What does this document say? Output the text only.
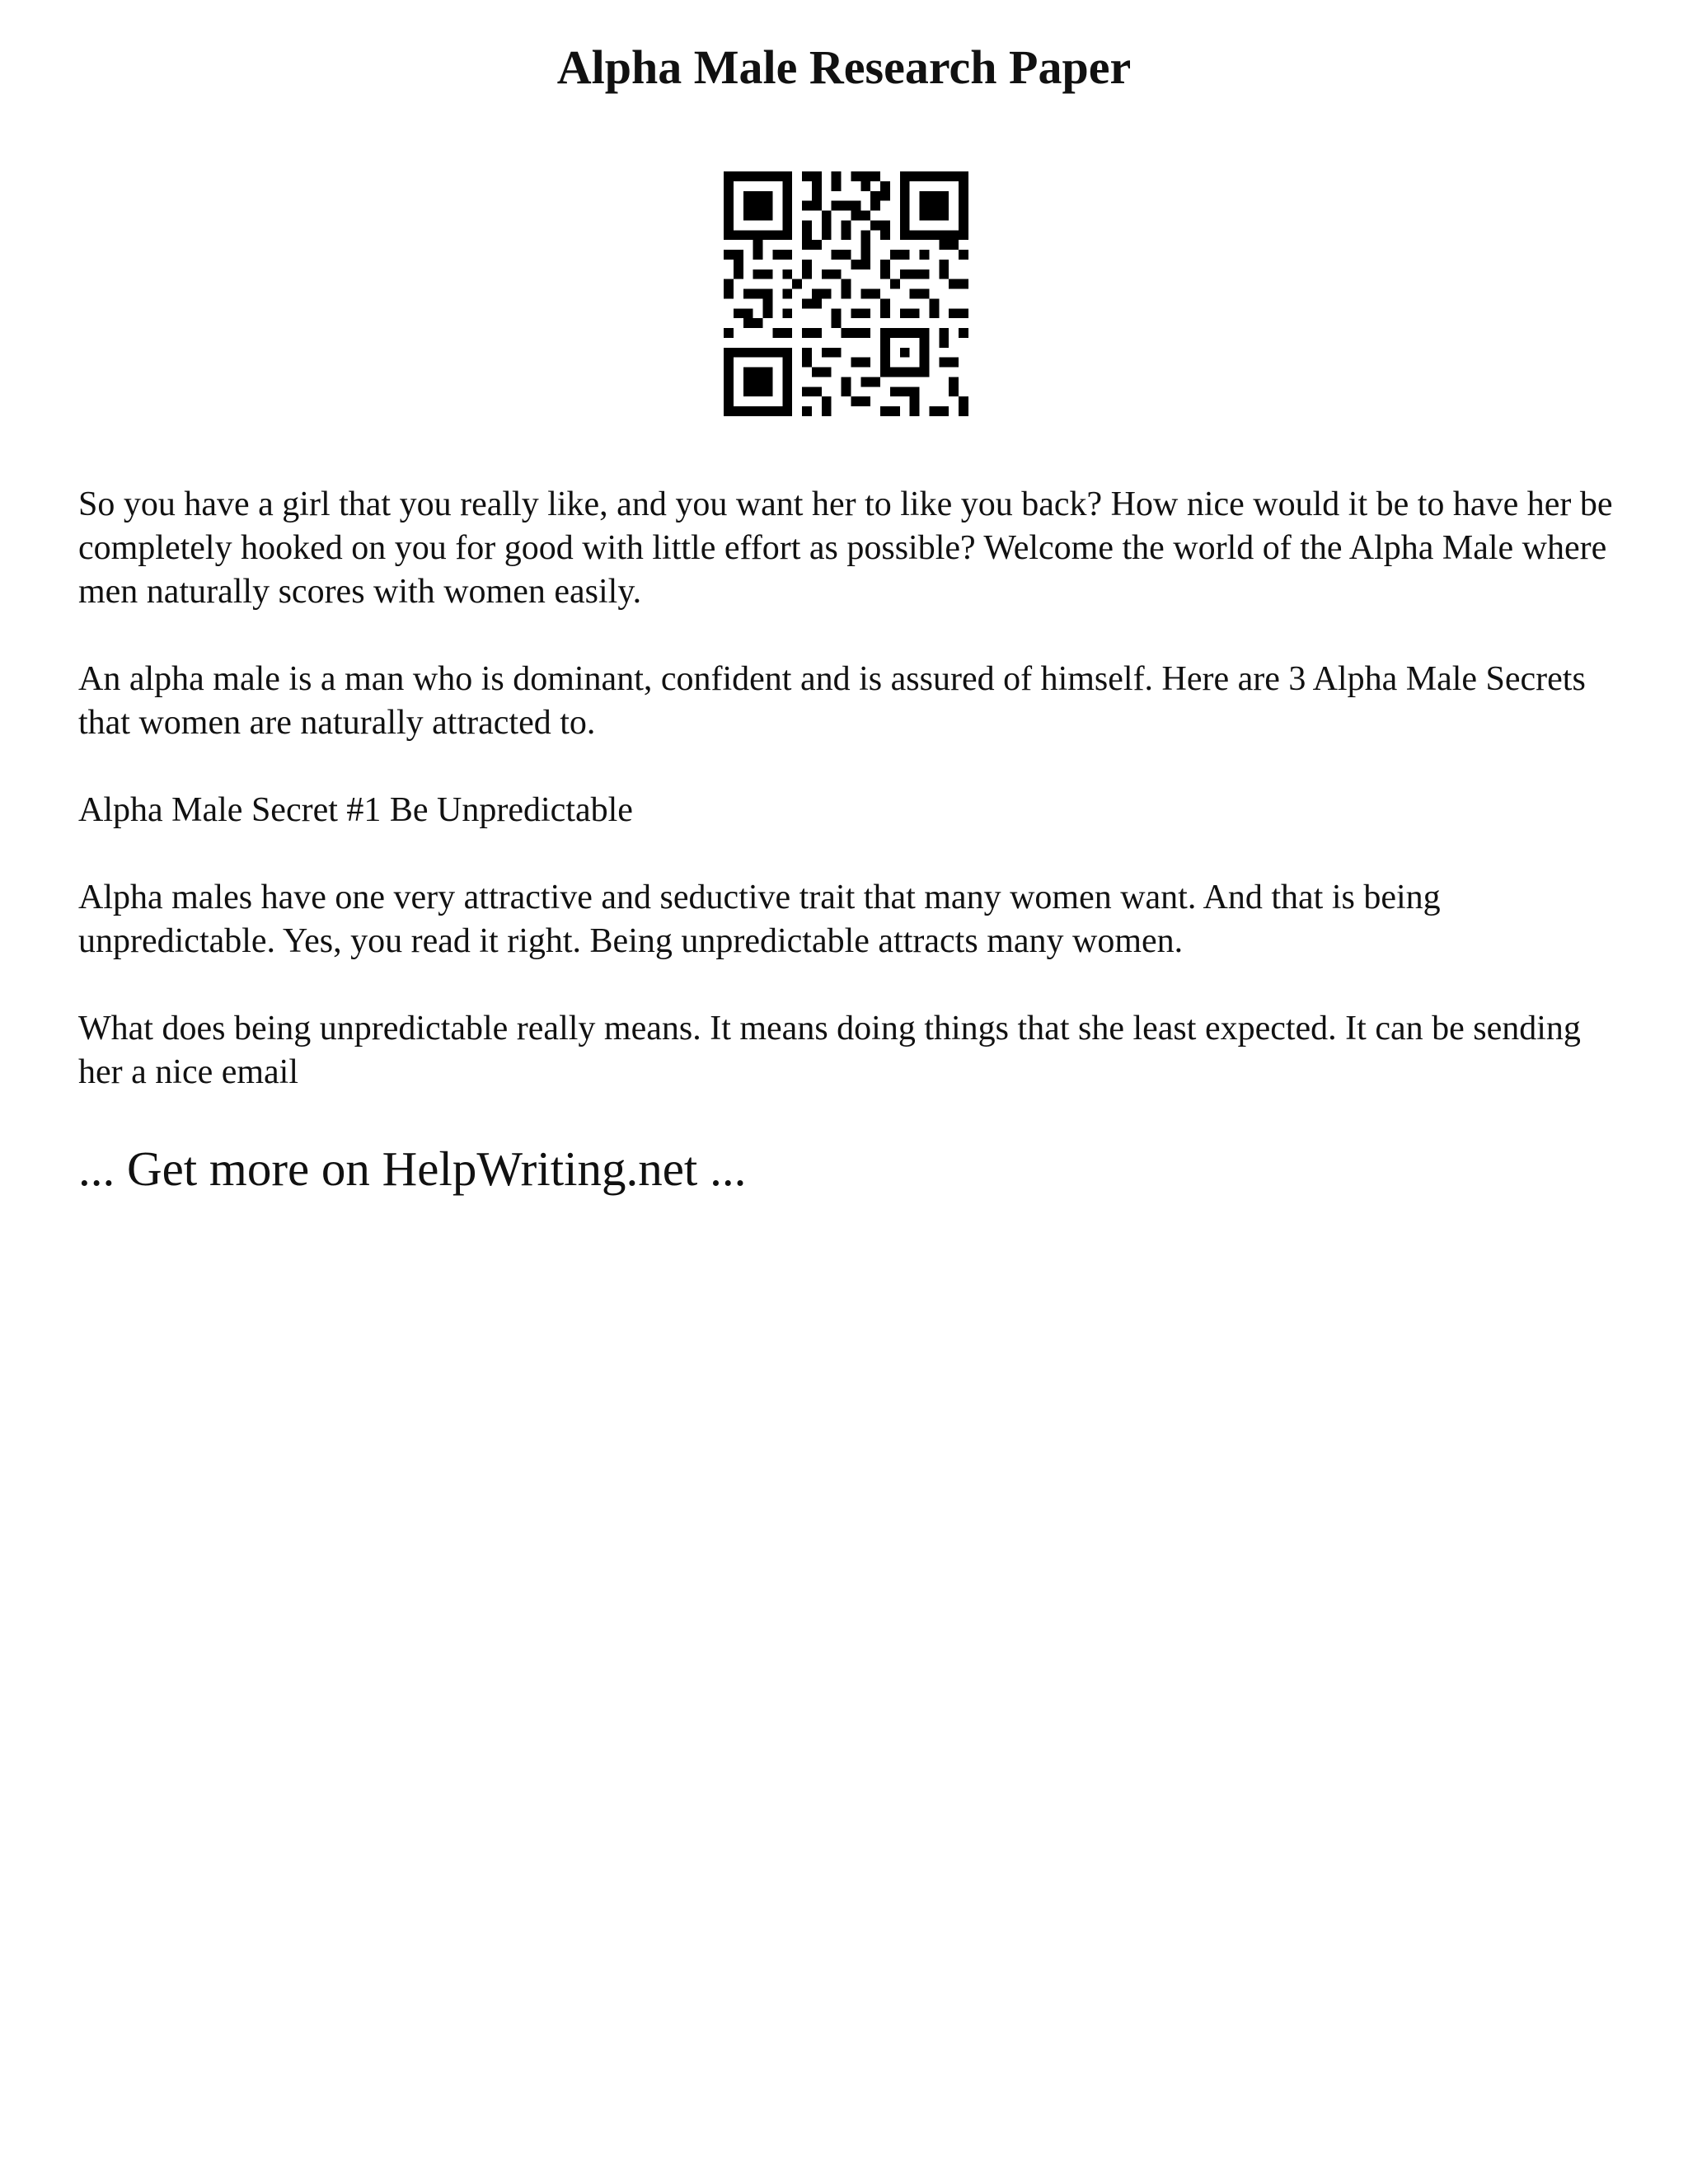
Alpha Male Research Paper

So you have a girl that you really like, and you want her to like you back? How nice would it be to have her be completely hooked on you for good with little effort as possible? Welcome the world of the Alpha Male where men naturally scores with women easily.

An alpha male is a man who is dominant, confident and is assured of himself. Here are 3 Alpha Male Secrets that women are naturally attracted to.

Alpha Male Secret #1 Be Unpredictable

Alpha males have one very attractive and seductive trait that many women want. And that is being unpredictable. Yes, you read it right. Being unpredictable attracts many women.

What does being unpredictable really means. It means doing things that she least expected. It can be sending her a nice email

... Get more on HelpWriting.net ...
